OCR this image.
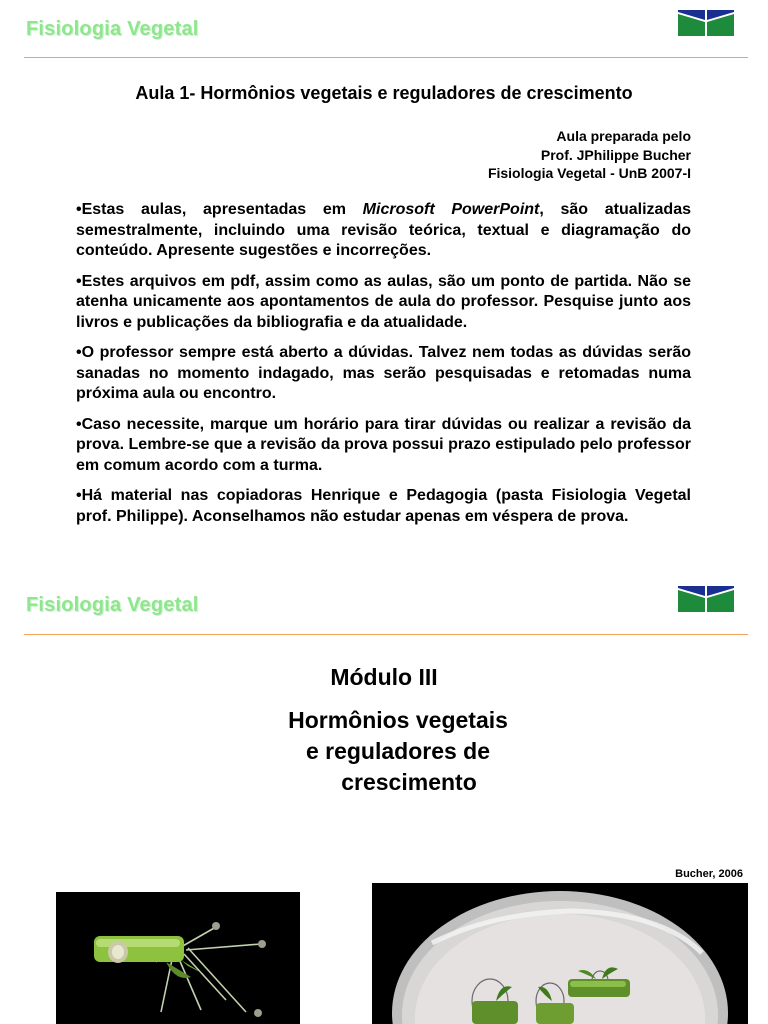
Fisiologia Vegetal
Aula 1- Hormônios vegetais e reguladores de crescimento
Aula preparada pelo
Prof. JPhilippe Bucher
Fisiologia Vegetal - UnB 2007-I

•Estas aulas, apresentadas em Microsoft PowerPoint, são atualizadas semestralmente, incluindo uma revisão teórica, textual e diagramação do conteúdo. Apresente sugestões e incorreções.

•Estes arquivos em pdf, assim como as aulas, são um ponto de partida. Não se atenha unicamente aos apontamentos de aula do professor. Pesquise junto aos livros e publicações da bibliografia e da atualidade.

•O professor sempre está aberto a dúvidas. Talvez nem todas as dúvidas serão sanadas no momento indagado, mas serão pesquisadas e retomadas numa próxima aula ou encontro.

•Caso necessite, marque um horário para tirar dúvidas ou realizar a revisão da prova. Lembre-se que a revisão da prova possui prazo estipulado pelo professor em comum acordo com a turma.

•Há material nas copiadoras Henrique e Pedagogia (pasta Fisiologia Vegetal prof. Philippe). Aconselhamos não estudar apenas em véspera de prova.

Fisiologia Vegetal
Módulo III
Hormônios vegetais
e reguladores de
crescimento
Bucher, 2006
